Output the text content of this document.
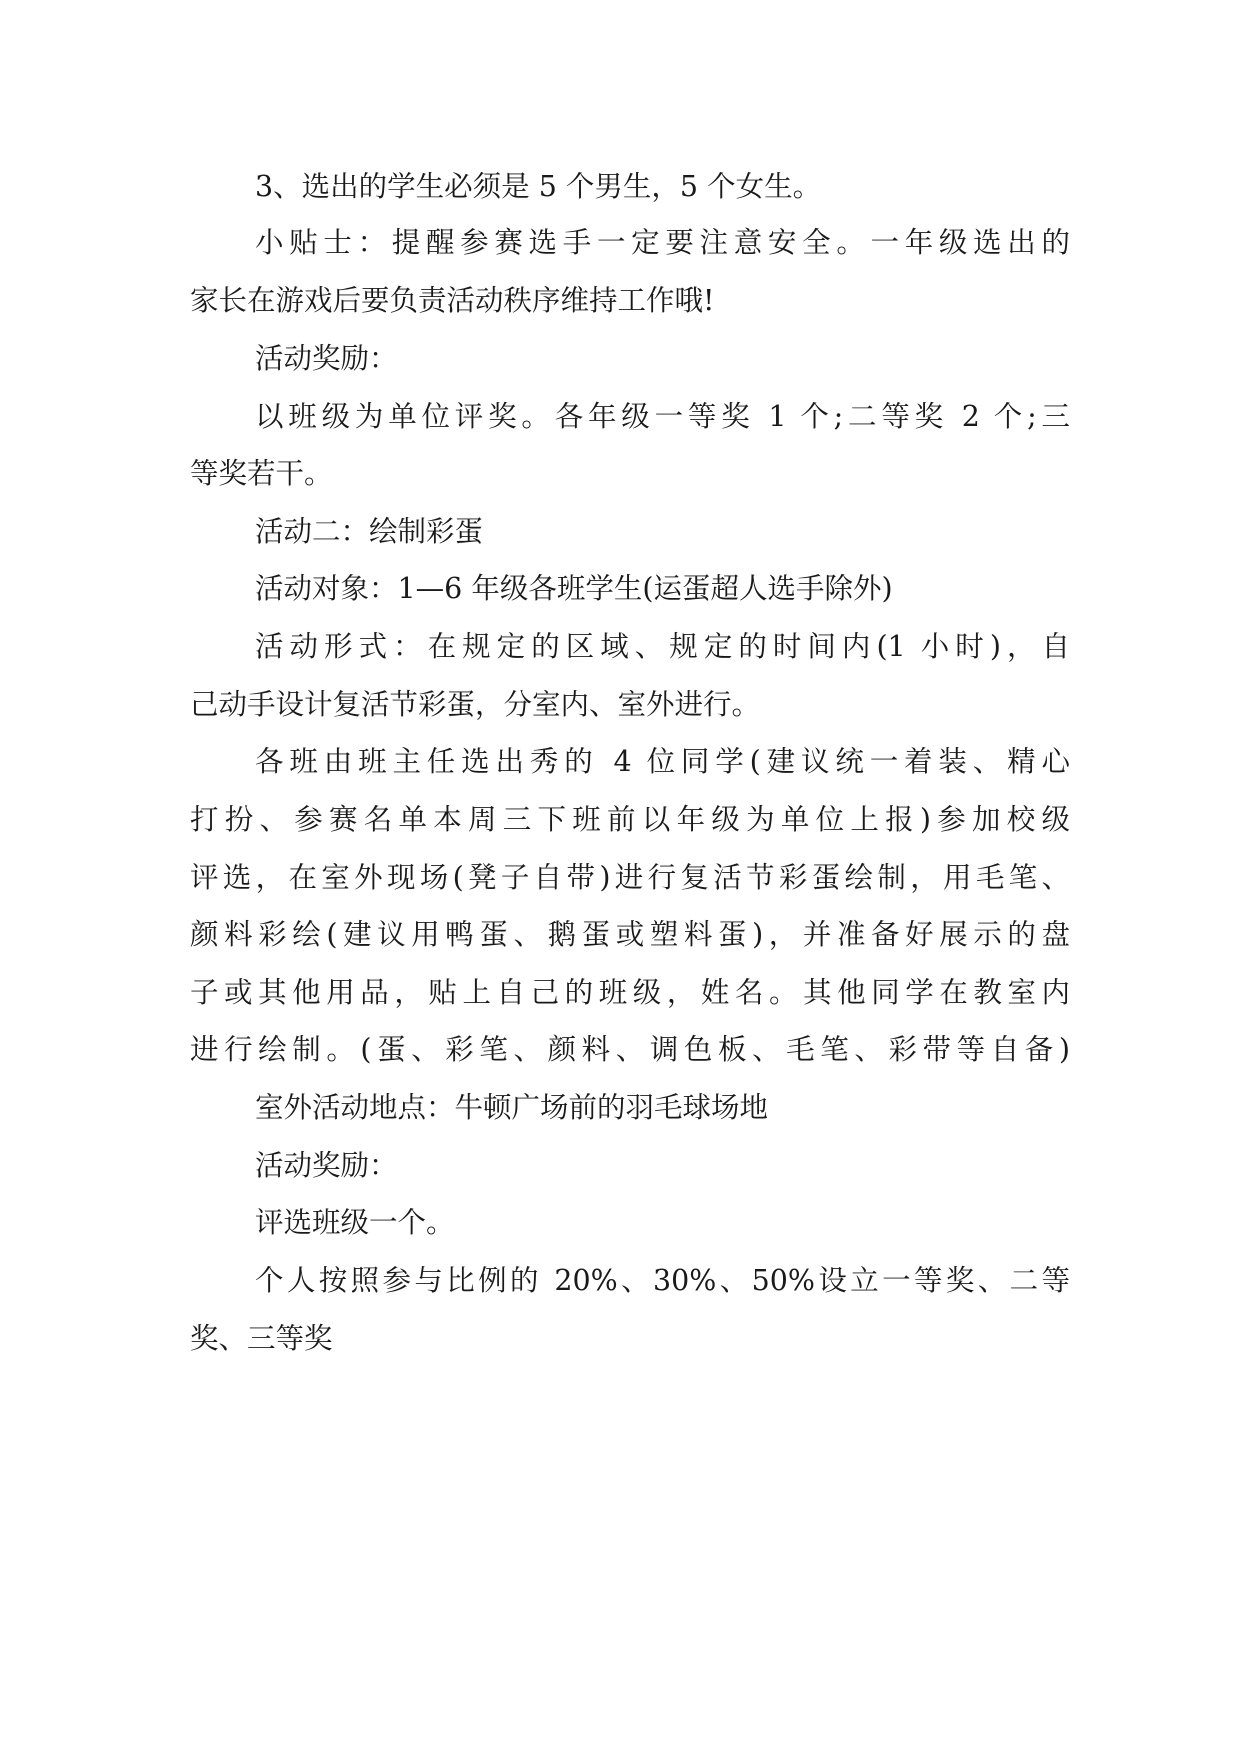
3、选出的学生必须是 5 个男生，5 个女生。

小贴士：提醒参赛选手一定要注意安全。一年级选出的

家长在游戏后要负责活动秩序维持工作哦!

活动奖励：

以班级为单位评奖。各年级一等奖 1 个;二等奖 2 个;三

等奖若干。

活动二：绘制彩蛋

活动对象：1—6 年级各班学生(运蛋超人选手除外)

活动形式：在规定的区域、规定的时间内(1 小时)，自

己动手设计复活节彩蛋，分室内、室外进行。

各班由班主任选出秀的 4 位同学(建议统一着装、精心

打扮、参赛名单本周三下班前以年级为单位上报)参加校级

评选，在室外现场(凳子自带)进行复活节彩蛋绘制，用毛笔、

颜料彩绘(建议用鸭蛋、鹅蛋或塑料蛋)，并准备好展示的盘

子或其他用品，贴上自己的班级，姓名。其他同学在教室内

进行绘制。(蛋、彩笔、颜料、调色板、毛笔、彩带等自备)

室外活动地点：牛顿广场前的羽毛球场地

活动奖励：

评选班级一个。

个人按照参与比例的 20%、30%、50%设立一等奖、二等

奖、三等奖
